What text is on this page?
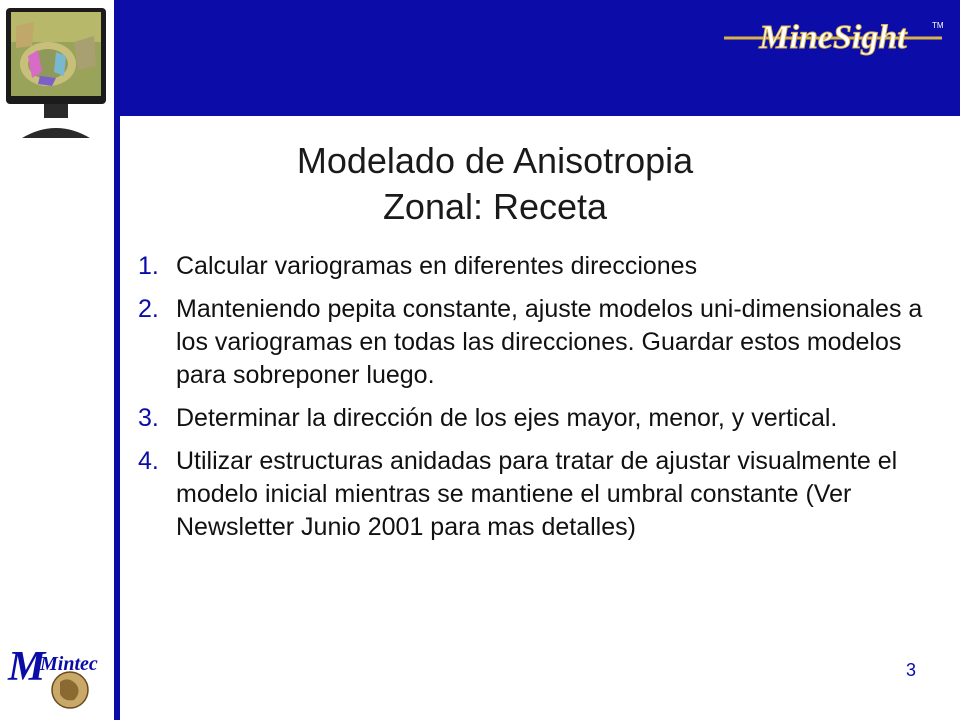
MineSight	TM
Modelado de Anisotropia
Zonal: Receta
1. Calcular variogramas en diferentes direcciones
2. Manteniendo pepita constante, ajuste modelos uni-dimensionales a los variogramas en todas las direcciones. Guardar estos modelos para sobreponer luego.
3. Determinar la dirección de los ejes mayor, menor, y vertical.
4. Utilizar estructuras anidadas para tratar de ajustar visualmente el modelo inicial mientras se mantiene el umbral constante (Ver Newsletter Junio 2001 para mas detalles)
M
Mintec	3
